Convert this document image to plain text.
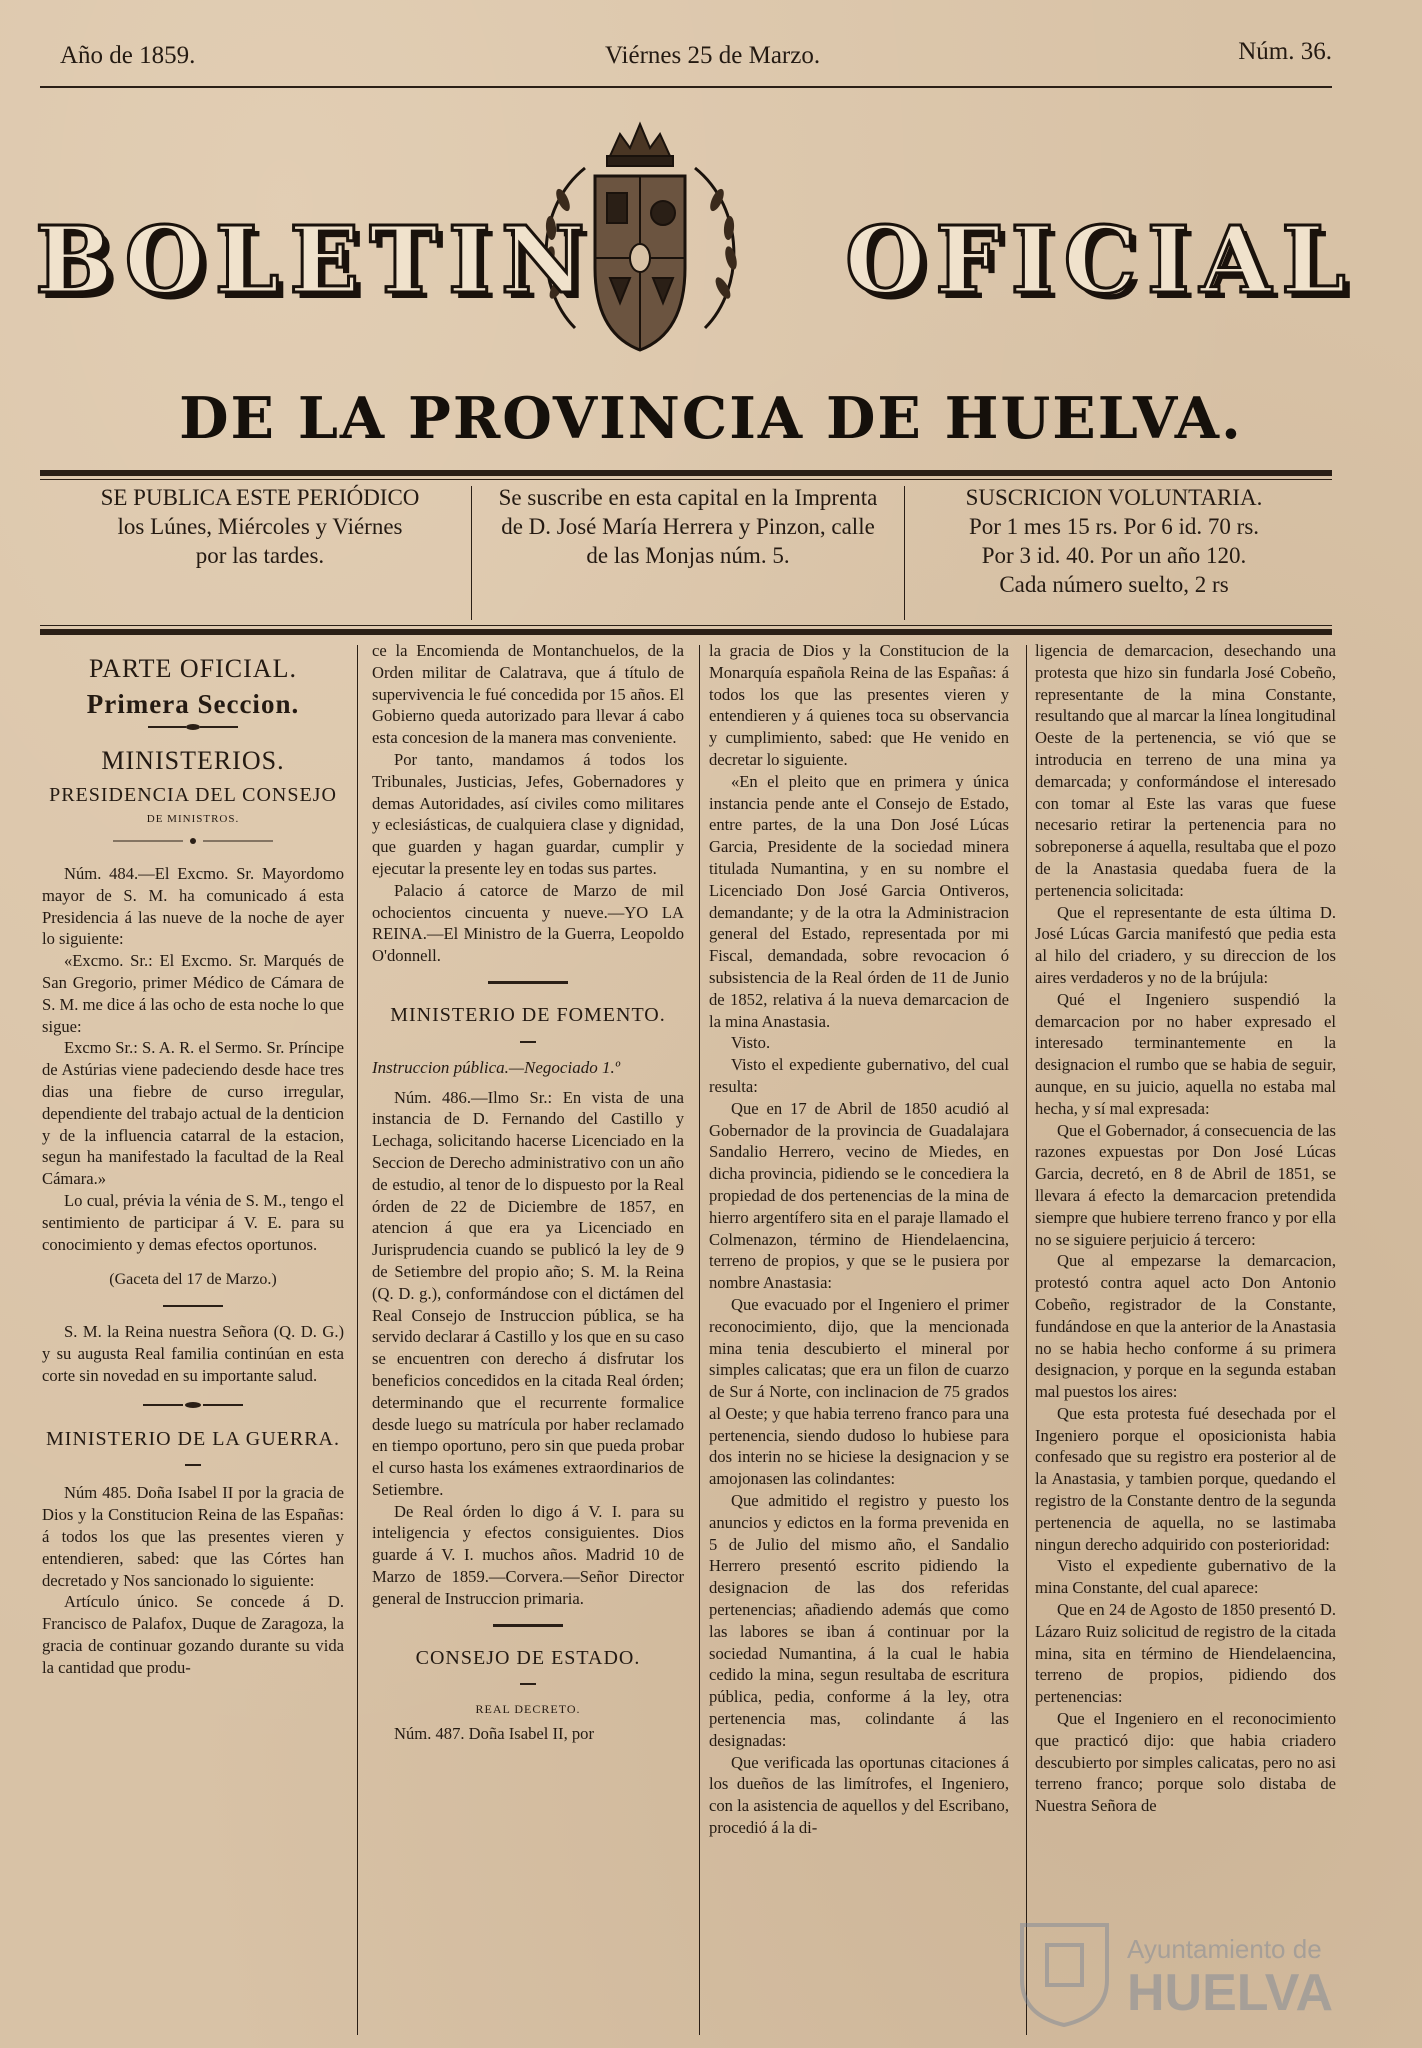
Año de 1859.	Viérnes 25 de Marzo.	Núm. 36.
BOLETIN	OFICIAL
DE LA PROVINCIA DE HUELVA.
SE PUBLICA ESTE PERIÓDICO
los Lúnes, Miércoles y Viérnes
por las tardes.
Se suscribe en esta capital en la Imprenta
de D. José María Herrera y Pinzon, calle
de las Monjas núm. 5.
SUSCRICION VOLUNTARIA.
Por 1 mes 15 rs. Por 6 id. 70 rs.
Por 3 id. 40. Por un año 120.
Cada número suelto, 2 rs

PARTE OFICIAL.

Primera Seccion.

MINISTERIOS.

PRESIDENCIA DEL CONSEJO

DE MINISTROS.

Núm. 484.—El Excmo. Sr. Mayordomo mayor de S. M. ha comunicado á esta Presidencia á las nueve de la noche de ayer lo siguiente:

«Excmo. Sr.: El Excmo. Sr. Marqués de San Gregorio, primer Médico de Cámara de S. M. me dice á las ocho de esta noche lo que sigue:

Excmo Sr.: S. A. R. el Sermo. Sr. Príncipe de Astúrias viene padeciendo desde hace tres dias una fiebre de curso irregular, dependiente del trabajo actual de la denticion y de la influencia catarral de la estacion, segun ha manifestado la facultad de la Real Cámara.»

Lo cual, prévia la vénia de S. M., tengo el sentimiento de participar á V. E. para su conocimiento y demas efectos oportunos.

(Gaceta del 17 de Marzo.)

S. M. la Reina nuestra Señora (Q. D. G.) y su augusta Real familia continúan en esta corte sin novedad en su importante salud.

MINISTERIO DE LA GUERRA.

Núm 485. Doña Isabel II por la gracia de Dios y la Constitucion Reina de las Españas: á todos los que las presentes vieren y entendieren, sabed: que las Córtes han decretado y Nos sancionado lo siguiente:

Artículo único. Se concede á D. Francisco de Palafox, Duque de Zaragoza, la gracia de continuar gozando durante su vida la cantidad que produ-

ce la Encomienda de Montanchuelos, de la Orden militar de Calatrava, que á título de supervivencia le fué concedida por 15 años. El Gobierno queda autorizado para llevar á cabo esta concesion de la manera mas conveniente.

Por tanto, mandamos á todos los Tribunales, Justicias, Jefes, Gobernadores y demas Autoridades, así civiles como militares y eclesiásticas, de cualquiera clase y dignidad, que guarden y hagan guardar, cumplir y ejecutar la presente ley en todas sus partes.

Palacio á catorce de Marzo de mil ochocientos cincuenta y nueve.—YO LA REINA.—El Ministro de la Guerra, Leopoldo O'donnell.

MINISTERIO DE FOMENTO.

Instruccion pública.—Negociado 1.º

Núm. 486.—Ilmo Sr.: En vista de una instancia de D. Fernando del Castillo y Lechaga, solicitando hacerse Licenciado en la Seccion de Derecho administrativo con un año de estudio, al tenor de lo dispuesto por la Real órden de 22 de Diciembre de 1857, en atencion á que era ya Licenciado en Jurisprudencia cuando se publicó la ley de 9 de Setiembre del propio año; S. M. la Reina (Q. D. g.), conformándose con el dictámen del Real Consejo de Instruccion pública, se ha servido declarar á Castillo y los que en su caso se encuentren con derecho á disfrutar los beneficios concedidos en la citada Real órden; determinando que el recurrente formalice desde luego su matrícula por haber reclamado en tiempo oportuno, pero sin que pueda probar el curso hasta los exámenes extraordinarios de Setiembre.

De Real órden lo digo á V. I. para su inteligencia y efectos consiguientes. Dios guarde á V. I. muchos años. Madrid 10 de Marzo de 1859.—Corvera.—Señor Director general de Instruccion primaria.

CONSEJO DE ESTADO.

REAL DECRETO.

Núm. 487. Doña Isabel II, por

la gracia de Dios y la Constitucion de la Monarquía española Reina de las Españas: á todos los que las presentes vieren y entendieren y á quienes toca su observancia y cumplimiento, sabed: que He venido en decretar lo siguiente.

«En el pleito que en primera y única instancia pende ante el Consejo de Estado, entre partes, de la una Don José Lúcas Garcia, Presidente de la sociedad minera titulada Numantina, y en su nombre el Licenciado Don José Garcia Ontiveros, demandante; y de la otra la Administracion general del Estado, representada por mi Fiscal, demandada, sobre revocacion ó subsistencia de la Real órden de 11 de Junio de 1852, relativa á la nueva demarcacion de la mina Anastasia.

Visto.

Visto el expediente gubernativo, del cual resulta:

Que en 17 de Abril de 1850 acudió al Gobernador de la provincia de Guadalajara Sandalio Herrero, vecino de Miedes, en dicha provincia, pidiendo se le concediera la propiedad de dos pertenencias de la mina de hierro argentífero sita en el paraje llamado el Colmenazon, término de Hiendelaencina, terreno de propios, y que se le pusiera por nombre Anastasia:

Que evacuado por el Ingeniero el primer reconocimiento, dijo, que la mencionada mina tenia descubierto el mineral por simples calicatas; que era un filon de cuarzo de Sur á Norte, con inclinacion de 75 grados al Oeste; y que habia terreno franco para una pertenencia, siendo dudoso lo hubiese para dos interin no se hiciese la designacion y se amojonasen las colindantes:

Que admitido el registro y puesto los anuncios y edictos en la forma prevenida en 5 de Julio del mismo año, el Sandalio Herrero presentó escrito pidiendo la designacion de las dos referidas pertenencias; añadiendo además que como las labores se iban á continuar por la sociedad Numantina, á la cual le habia cedido la mina, segun resultaba de escritura pública, pedia, conforme á la ley, otra pertenencia mas, colindante á las designadas:

Que verificada las oportunas citaciones á los dueños de las limítrofes, el Ingeniero, con la asistencia de aquellos y del Escribano, procedió á la di-

ligencia de demarcacion, desechando una protesta que hizo sin fundarla José Cobeño, representante de la mina Constante, resultando que al marcar la línea longitudinal Oeste de la pertenencia, se vió que se introducia en terreno de una mina ya demarcada; y conformándose el interesado con tomar al Este las varas que fuese necesario retirar la pertenencia para no sobreponerse á aquella, resultaba que el pozo de la Anastasia quedaba fuera de la pertenencia solicitada:

Que el representante de esta última D. José Lúcas Garcia manifestó que pedia esta al hilo del criadero, y su direccion de los aires verdaderos y no de la brújula:

Qué el Ingeniero suspendió la demarcacion por no haber expresado el interesado terminantemente en la designacion el rumbo que se habia de seguir, aunque, en su juicio, aquella no estaba mal hecha, y sí mal expresada:

Que el Gobernador, á consecuencia de las razones expuestas por Don José Lúcas Garcia, decretó, en 8 de Abril de 1851, se llevara á efecto la demarcacion pretendida siempre que hubiere terreno franco y por ella no se siguiere perjuicio á tercero:

Que al empezarse la demarcacion, protestó contra aquel acto Don Antonio Cobeño, registrador de la Constante, fundándose en que la anterior de la Anastasia no se habia hecho conforme á su primera designacion, y porque en la segunda estaban mal puestos los aires:

Que esta protesta fué desechada por el Ingeniero porque el oposicionista habia confesado que su registro era posterior al de la Anastasia, y tambien porque, quedando el registro de la Constante dentro de la segunda pertenencia de aquella, no se lastimaba ningun derecho adquirido con posterioridad:

Visto el expediente gubernativo de la mina Constante, del cual aparece:

Que en 24 de Agosto de 1850 presentó D. Lázaro Ruiz solicitud de registro de la citada mina, sita en término de Hiendelaencina, terreno de propios, pidiendo dos pertenencias:

Que el Ingeniero en el reconocimiento que practicó dijo: que habia criadero descubierto por simples calicatas, pero no asi terreno franco; porque solo distaba de Nuestra Señora de

Ayuntamiento de
HUELVA
